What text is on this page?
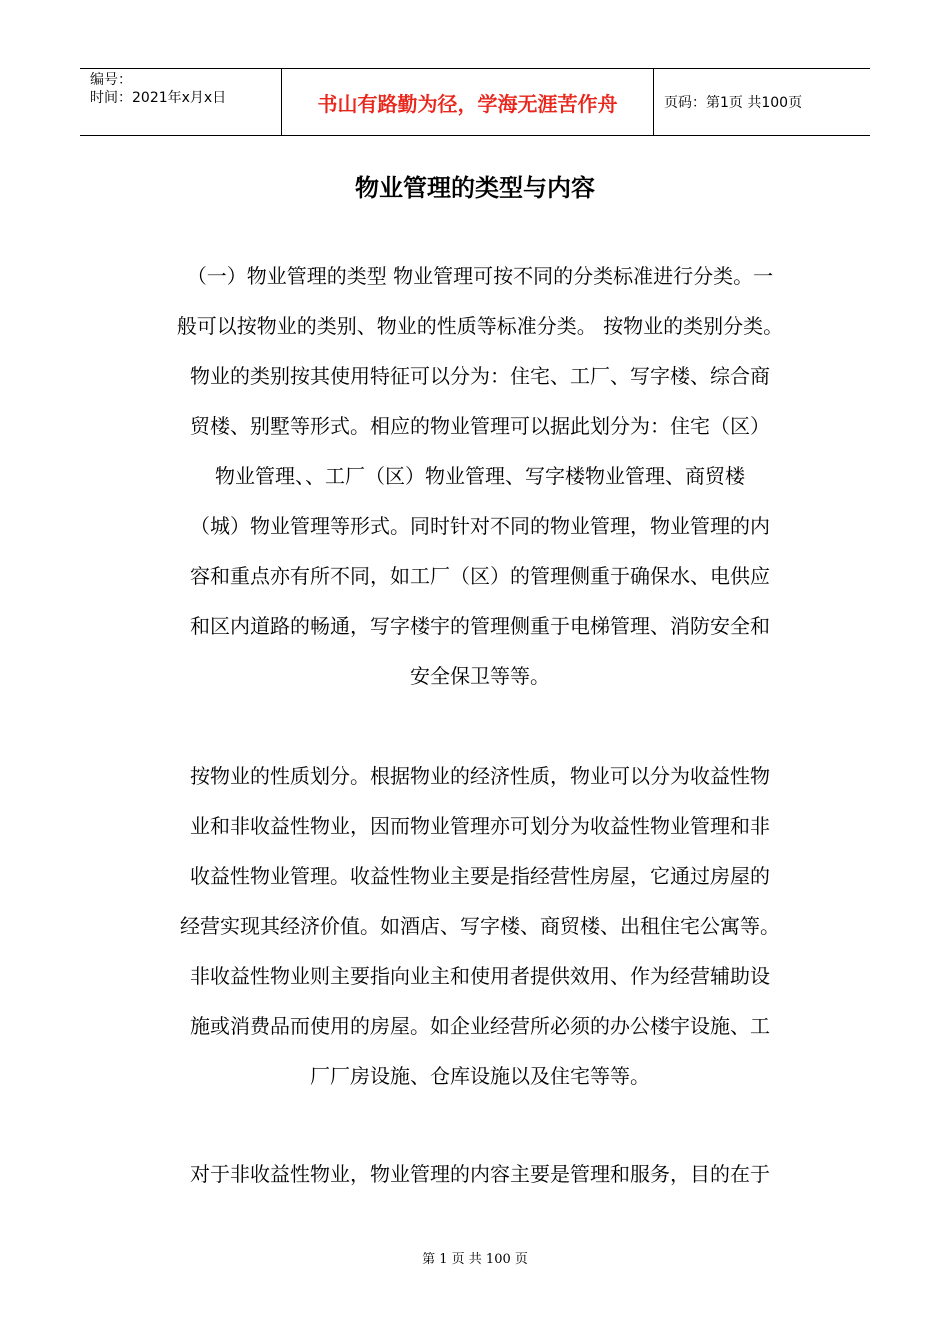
编号：
时间：2021年x月x日	书山有路勤为径，学海无涯苦作舟	页码：第1页 共100页
物业管理的类型与内容
（一）物业管理的类型 物业管理可按不同的分类标准进行分类。一
般可以按物业的类别、物业的性质等标准分类。 按物业的类别分类。
物业的类别按其使用特征可以分为：住宅、工厂、写字楼、综合商
贸楼、别墅等形式。相应的物业管理可以据此划分为：住宅（区）
物业管理、、工厂（区）物业管理、写字楼物业管理、商贸楼
（城）物业管理等形式。同时针对不同的物业管理，物业管理的内
容和重点亦有所不同，如工厂（区）的管理侧重于确保水、电供应
和区内道路的畅通，写字楼宇的管理侧重于电梯管理、消防安全和
安全保卫等等。
按物业的性质划分。根据物业的经济性质，物业可以分为收益性物
业和非收益性物业，因而物业管理亦可划分为收益性物业管理和非
收益性物业管理。收益性物业主要是指经营性房屋，它通过房屋的
经营实现其经济价值。如酒店、写字楼、商贸楼、出租住宅公寓等。
非收益性物业则主要指向业主和使用者提供效用、作为经营辅助设
施或消费品而使用的房屋。如企业经营所必须的办公楼宇设施、工
厂厂房设施、仓库设施以及住宅等等。
对于非收益性物业，物业管理的内容主要是管理和服务，目的在于
第 1 页 共 100 页
